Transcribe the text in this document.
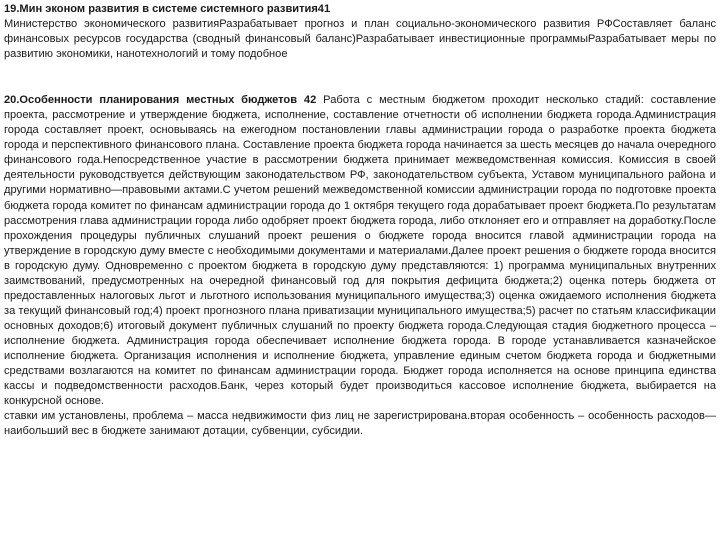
19.Мин эконом развития в системе системного развития41
Министерство экономического развитияРазрабатывает прогноз и план социально-экономического развития РФСоставляет баланс финансовых ресурсов государства (сводный финансовый баланс)Разрабатывает инвестиционные программыРазрабатывает меры по развитию экономики, нанотехнологий и тому подобное

20.Особенности планирования местных бюджетов 42 Работа с местным бюджетом проходит несколько стадий: составление проекта, рассмотрение и утверждение бюджета, исполнение, составление отчетности об исполнении бюджета города.Администрация города составляет проект, основываясь на ежегодном постановлении главы администрации города о разработке проекта бюджета города и перспективного финансового плана. Составление проекта бюджета города начинается за шесть месяцев до начала очередного финансового года.Непосредственное участие в рассмотрении бюджета принимает межведомственная комиссия. Комиссия в своей деятельности руководствуется действующим законодательством РФ, законодательством субъекта, Уставом муниципального района и другими нормативно—правовыми актами.С учетом решений межведомственной комиссии администрации города по подготовке проекта бюджета города комитет по финансам администрации города до 1 октября текущего года дорабатывает проект бюджета.По результатам рассмотрения глава администрации города либо одобряет проект бюджета города, либо отклоняет его и отправляет на доработку.После прохождения процедуры публичных слушаний проект решения о бюджете города вносится главой администрации города на утверждение в городскую думу вместе с необходимыми документами и материалами.Далее проект решения о бюджете города вносится в городскую думу. Одновременно с проектом бюджета в городскую думу представляются: 1) программа муниципальных внутренних заимствований, предусмотренных на очередной финансовый год для покрытия дефицита бюджета;2) оценка потерь бюджета от предоставленных налоговых льгот и льготного использования муниципального имущества;3) оценка ожидаемого исполнения бюджета за текущий финансовый год;4) проект прогнозного плана приватизации муниципального имущества;5) расчет по статьям классификации основных доходов;6) итоговый документ публичных слушаний по проекту бюджета города.Следующая стадия бюджетного процесса – исполнение бюджета. Администрация города обеспечивает исполнение бюджета города. В городе устанавливается казначейское исполнение бюджета. Организация исполнения и исполнение бюджета, управление единым счетом бюджета города и бюджетными средствами возлагаются на комитет по финансам администрации города. Бюджет города исполняется на основе принципа единства кассы и подведомственности расходов.Банк, через который будет производиться кассовое исполнение бюджета, выбирается на конкурсной основе.
ставки им установлены, проблема – масса недвижимости физ лиц не зарегистрирована.вторая особенность – особенность расходов—наибольший вес в бюджете занимают дотации, субвенции, субсидии.
